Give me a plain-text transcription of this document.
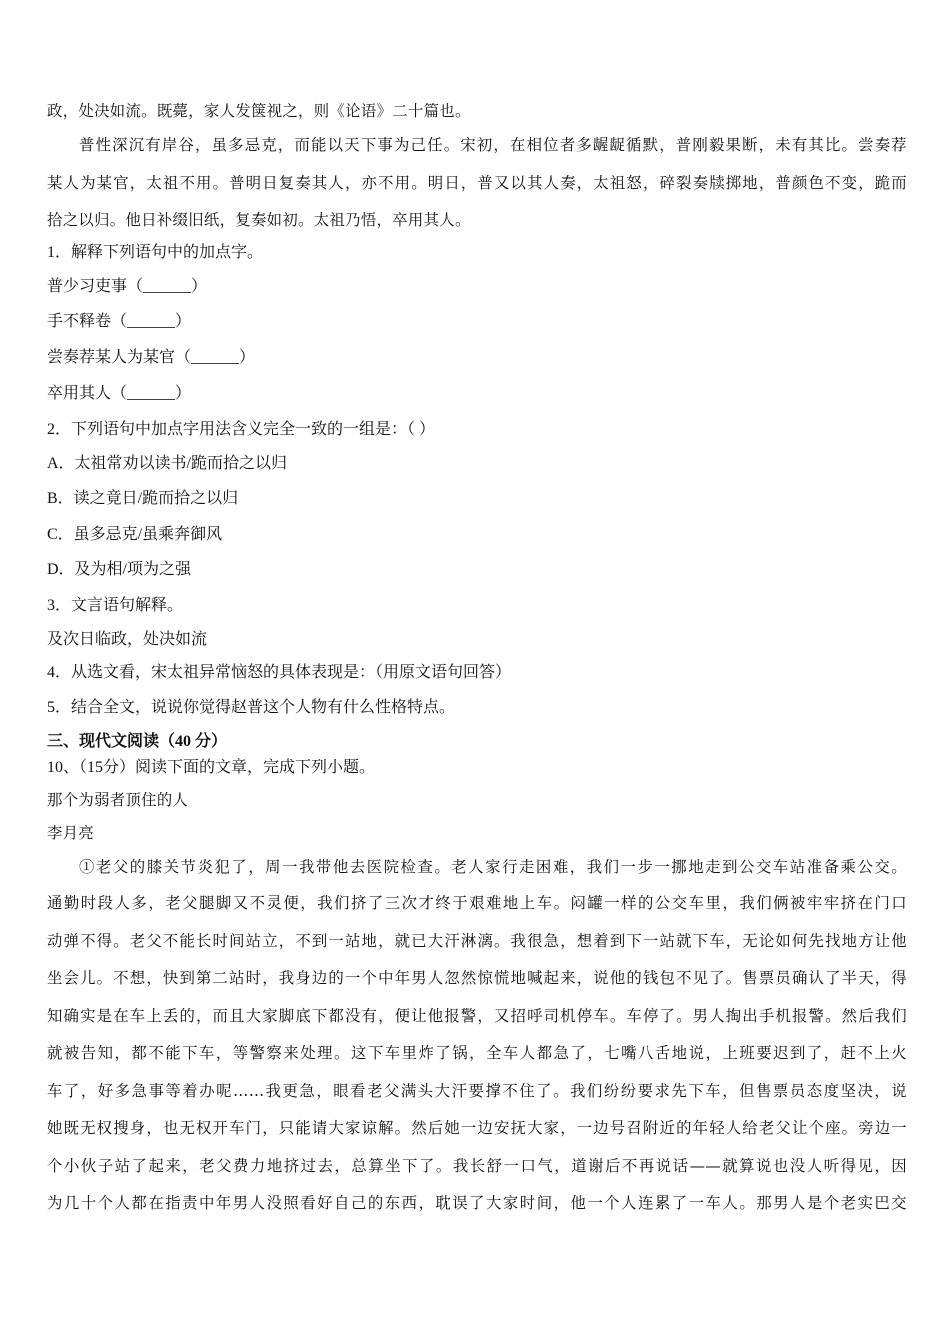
政，处决如流。既薨，家人发箧视之，则《论语》二十篇也。
普性深沉有岸谷，虽多忌克，而能以天下事为己任。宋初，在相位者多龌龊循默，普刚毅果断，未有其比。尝奏荐
某人为某官，太祖不用。普明日复奏其人，亦不用。明日，普又以其人奏，太祖怒，碎裂奏牍掷地，普颜色不变，跪而
拾之以归。他日补缀旧纸，复奏如初。太祖乃悟，卒用其人。
1．解释下列语句中的加点字。
普少习吏事（______）
手不释卷（______）
尝奏荐某人为某官（______）
卒用其人（______）
2．下列语句中加点字用法含义完全一致的一组是：（ ）
A．太祖常劝以读书/跪而拾之以归
B．读之竟日/跪而拾之以归
C．虽多忌克/虽乘奔御风
D．及为相/项为之强
3．文言语句解释。
及次日临政，处决如流
4．从选文看，宋太祖异常恼怒的具体表现是：（用原文语句回答）
5．结合全文，说说你觉得赵普这个人物有什么性格特点。
三、现代文阅读（40 分）
10、（15分）阅读下面的文章，完成下列小题。
那个为弱者顶住的人
李月亮
①老父的膝关节炎犯了，周一我带他去医院检查。老人家行走困难，我们一步一挪地走到公交车站准备乘公交。
通勤时段人多，老父腿脚又不灵便，我们挤了三次才终于艰难地上车。闷罐一样的公交车里，我们俩被牢牢挤在门口
动弹不得。老父不能长时间站立，不到一站地，就已大汗淋漓。我很急，想着到下一站就下车，无论如何先找地方让他
坐会儿。不想，快到第二站时，我身边的一个中年男人忽然惊慌地喊起来，说他的钱包不见了。售票员确认了半天，得
知确实是在车上丢的，而且大家脚底下都没有，便让他报警，又招呼司机停车。车停了。男人掏出手机报警。然后我们
就被告知，都不能下车，等警察来处理。这下车里炸了锅，全车人都急了，七嘴八舌地说，上班要迟到了，赶不上火
车了，好多急事等着办呢……我更急，眼看老父满头大汗要撑不住了。我们纷纷要求先下车，但售票员态度坚决，说
她既无权搜身，也无权开车门，只能请大家谅解。然后她一边安抚大家，一边号召附近的年轻人给老父让个座。旁边一
个小伙子站了起来，老父费力地挤过去，总算坐下了。我长舒一口气，道谢后不再说话——就算说也没人听得见，因
为几十个人都在指责中年男人没照看好自己的东西，耽误了大家时间，他一个人连累了一车人。那男人是个老实巴交
